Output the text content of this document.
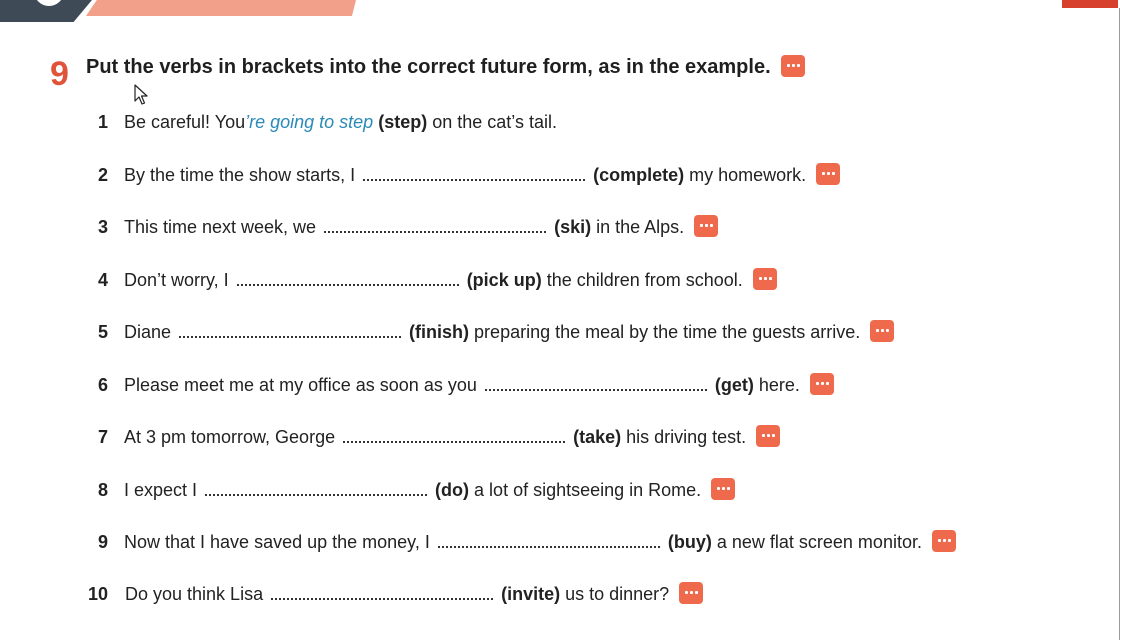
9 Put the verbs in brackets into the correct future form, as in the example.
1 Be careful! You’re going to step (step) on the cat’s tail.
2 By the time the show starts, I	(complete) my homework.
3 This time next week, we	(ski) in the Alps.
4 Don’t worry, I	(pick up) the children from school.
5 Diane	(finish) preparing the meal by the time the guests arrive.
6 Please meet me at my office as soon as you	(get) here.
7 At 3 pm tomorrow, George	(take) his driving test.
8 I expect I	(do) a lot of sightseeing in Rome.
9 Now that I have saved up the money, I	(buy) a new flat screen monitor.
10 Do you think Lisa	(invite) us to dinner?
